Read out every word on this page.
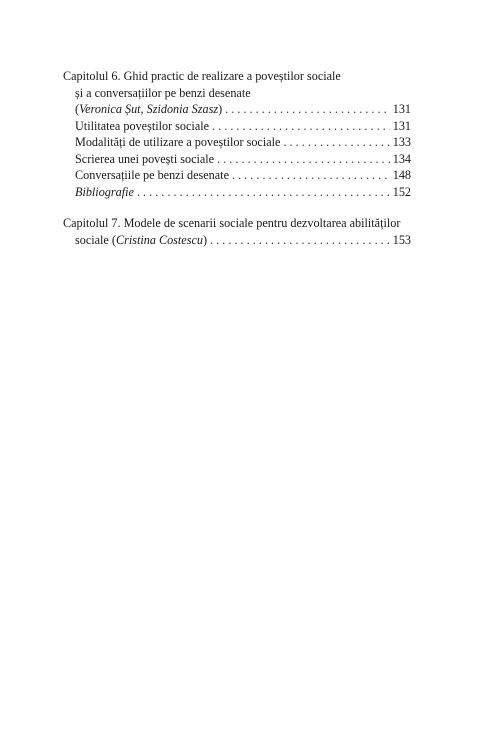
Capitolul 6. Ghid practic de realizare a poveștilor sociale
și a conversațiilor pe benzi desenate
(Veronica Șut, Szidonia Szasz) . . .	131
Utilitatea poveștilor sociale . . .	131
Modalități de utilizare a poveștilor sociale . . .	133
Scrierea unei povești sociale . . .	134
Conversațiile pe benzi desenate . . .	148
Bibliografie . . .	152
Capitolul 7. Modele de scenarii sociale pentru dezvoltarea abilităților
sociale (Cristina Costescu) . . .	153
